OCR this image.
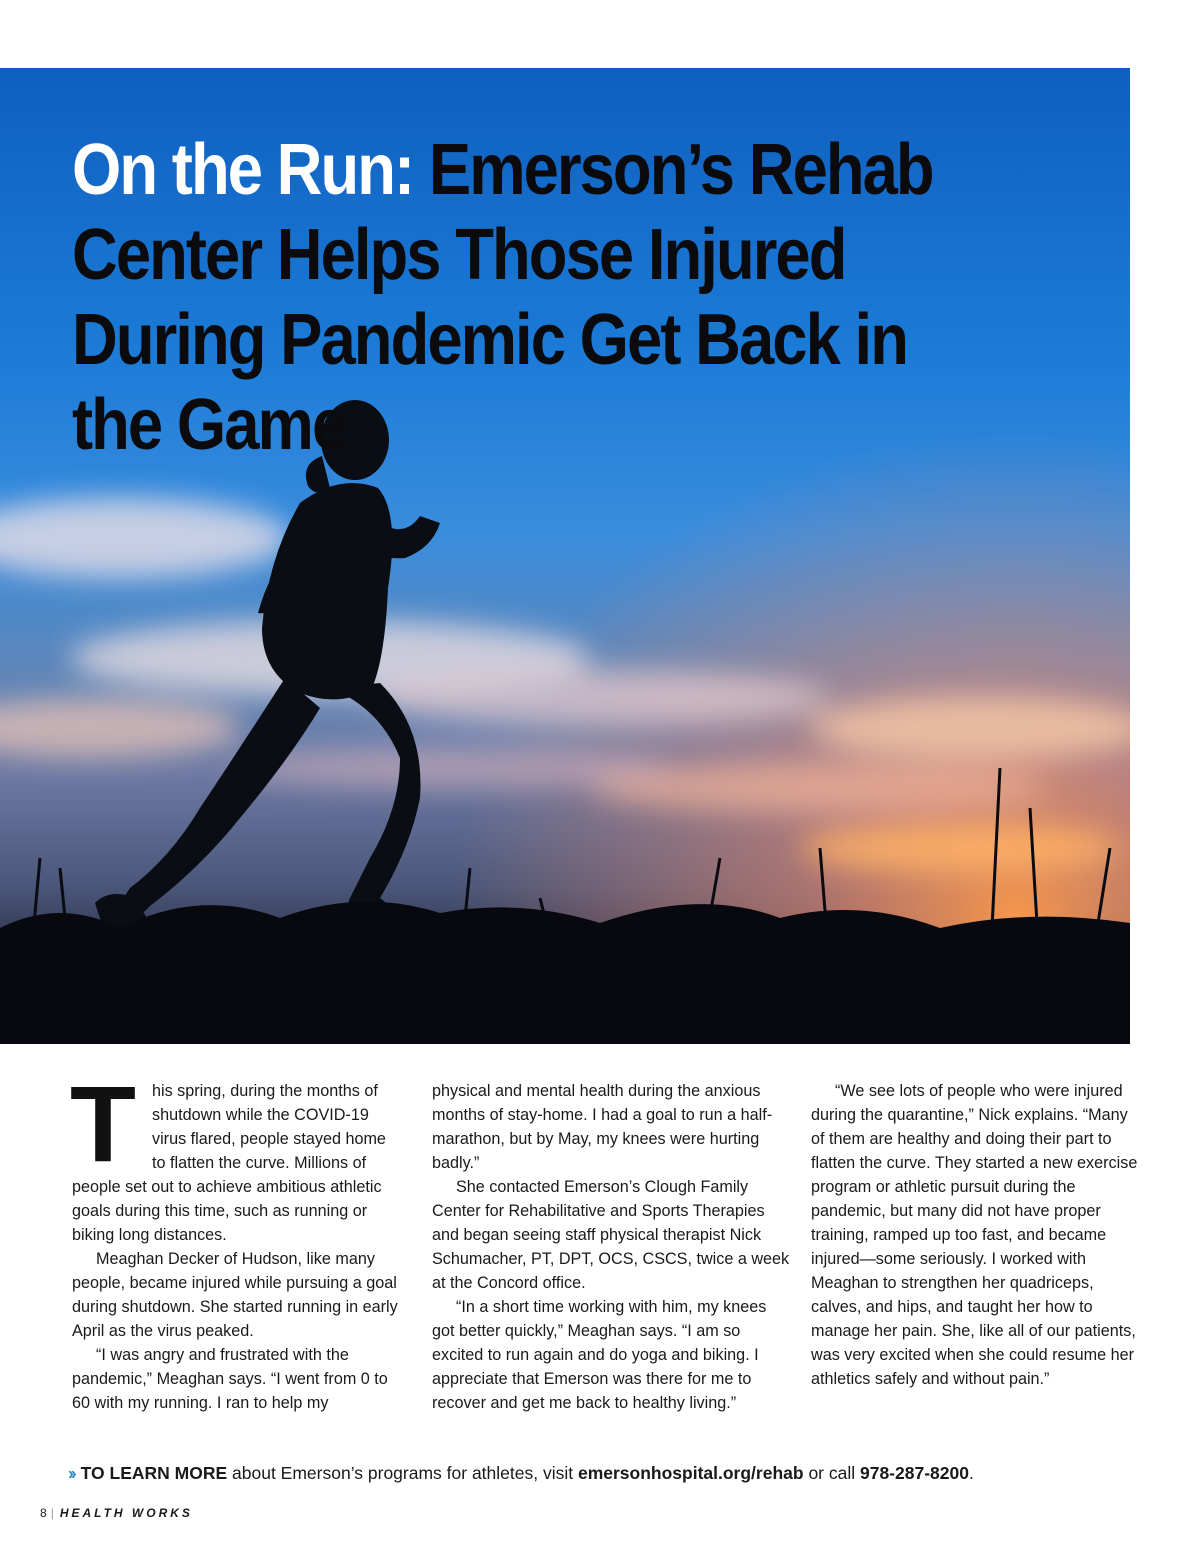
On the Run: Emerson’s Rehab Center Helps Those Injured During Pandemic Get Back in the Game

This spring, during the months of shutdown while the COVID-19 virus flared, people stayed home to flatten the curve. Millions of people set out to achieve ambitious athletic goals during this time, such as running or biking long distances.

Meaghan Decker of Hudson, like many people, became injured while pursuing a goal during shutdown. She started running in early April as the virus peaked.

“I was angry and frustrated with the pandemic,” Meaghan says. “I went from 0 to 60 with my running. I ran to help my

physical and mental health during the anxious months of stay-home. I had a goal to run a half-marathon, but by May, my knees were hurting badly.”

She contacted Emerson’s Clough Family Center for Rehabilitative and Sports Therapies and began seeing staff physical therapist Nick Schumacher, PT, DPT, OCS, CSCS, twice a week at the Concord office.

“In a short time working with him, my knees got better quickly,” Meaghan says. “I am so excited to run again and do yoga and biking. I appreciate that Emerson was there for me to recover and get me back to healthy living.”

“We see lots of people who were injured during the quarantine,” Nick explains. “Many of them are healthy and doing their part to flatten the curve. They started a new exercise program or athletic pursuit during the pandemic, but many did not have proper training, ramped up too fast, and became injured—some seriously. I worked with Meaghan to strengthen her quadriceps, calves, and hips, and taught her how to manage her pain. She, like all of our patients, was very excited when she could resume her athletics safely and without pain.”

›› TO LEARN MORE about Emerson’s programs for athletes, visit emersonhospital.org/rehab or call 978-287-8200.
8 | HEALTH WORKS
